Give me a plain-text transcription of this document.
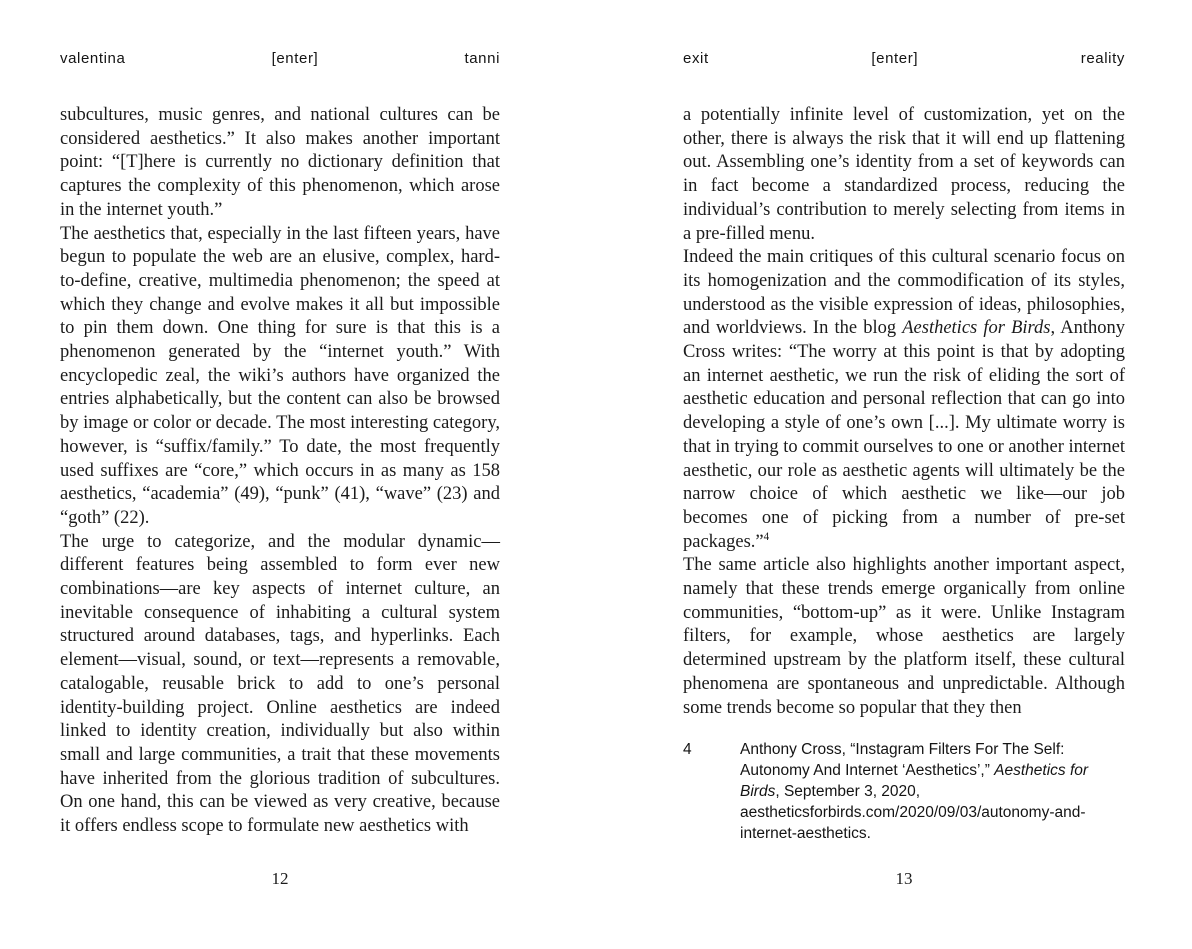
valentina	[enter]	tanni

subcultures, music genres, and national cultures can be considered aesthetics.” It also makes another important point: “[T]here is currently no dictionary definition that captures the complexity of this phenomenon, which arose in the internet youth.”

The aesthetics that, especially in the last fifteen years, have begun to populate the web are an elusive, complex, hard-to-define, creative, multimedia phenomenon; the speed at which they change and evolve makes it all but impossible to pin them down. One thing for sure is that this is a phenomenon generated by the “internet youth.” With encyclopedic zeal, the wiki’s authors have organized the entries alphabetically, but the content can also be browsed by image or color or decade. The most interesting category, however, is “suffix/family.” To date, the most frequently used suffixes are “core,” which occurs in as many as 158 aesthetics, “academia” (49), “punk” (41), “wave” (23) and “goth” (22).

The urge to categorize, and the modular dynamic—different features being assembled to form ever new combinations—are key aspects of internet culture, an inevitable consequence of inhabiting a cultural system structured around databases, tags, and hyperlinks. Each element—visual, sound, or text—represents a removable, catalogable, reusable brick to add to one’s personal identity-building project. Online aesthetics are indeed linked to identity creation, individually but also within small and large communities, a trait that these movements have inherited from the glorious tradition of subcultures. On one hand, this can be viewed as very creative, because it offers endless scope to formulate new aesthetics with

12
exit	[enter]	reality

a potentially infinite level of customization, yet on the other, there is always the risk that it will end up flattening out. Assembling one’s identity from a set of keywords can in fact become a standardized process, reducing the individual’s contribution to merely selecting from items in a pre-filled menu.

Indeed the main critiques of this cultural scenario focus on its homogenization and the commodification of its styles, understood as the visible expression of ideas, philosophies, and worldviews. In the blog Aesthetics for Birds, Anthony Cross writes: “The worry at this point is that by adopting an internet aesthetic, we run the risk of eliding the sort of aesthetic education and personal reflection that can go into developing a style of one’s own [...]. My ultimate worry is that in trying to commit ourselves to one or another internet aesthetic, our role as aesthetic agents will ultimately be the narrow choice of which aesthetic we like—our job becomes one of picking from a number of pre-set packages.”$^4$

The same article also highlights another important aspect, namely that these trends emerge organically from online communities, “bottom-up” as it were. Unlike Instagram filters, for example, whose aesthetics are largely determined upstream by the platform itself, these cultural phenomena are spontaneous and unpredictable. Although some trends become so popular that they then

4	Anthony Cross, “Instagram Filters For The Self: Autonomy And Internet ‘Aesthetics’,” Aesthetics for Birds, September 3, 2020, aestheticsforbirds.com/2020/09/03/autonomy-and-internet-aesthetics.
13
